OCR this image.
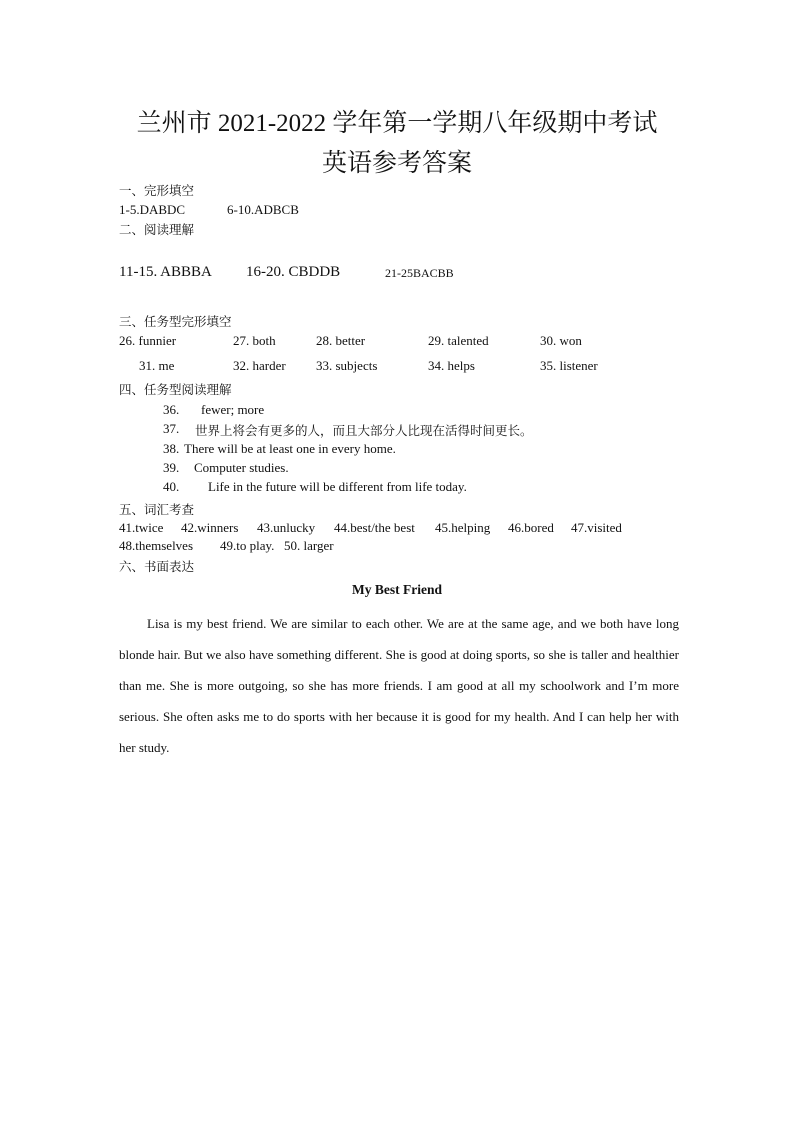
兰州市 2021-2022 学年第一学期八年级期中考试
英语参考答案
一、完形填空
1-5.DABDC	6-10.ADBCB
二、阅读理解
11-15. ABBBA 16-20. CBDDB	21-25BACBB
三、任务型完形填空
26. funnier	27. both	28. better	29. talented	30. won
31. me	32. harder 33. subjects	34. helps	35. listener
四、任务型阅读理解
36. fewer; more
37. 世界上将会有更多的人，而且大部分人比现在活得时间更长。
38. There will be at least one in every home.
39. Computer studies.
40. Life in the future will be different from life today.
五、词汇考查
41.twice 42.winners 43.unlucky 44.best/the best 45.helping 46.bored 47.visited
48.themselves 49.to play. 50. larger
六、书面表达
My Best Friend
Lisa is my best friend. We are similar to each other. We are at the same age, and we both have long blonde hair. But we also have something different. She is good at doing sports, so she is taller and healthier than me. She is more outgoing, so she has more friends. I am good at all my schoolwork and I’m more serious. She often asks me to do sports with her because it is good for my health. And I can help her with her study.
